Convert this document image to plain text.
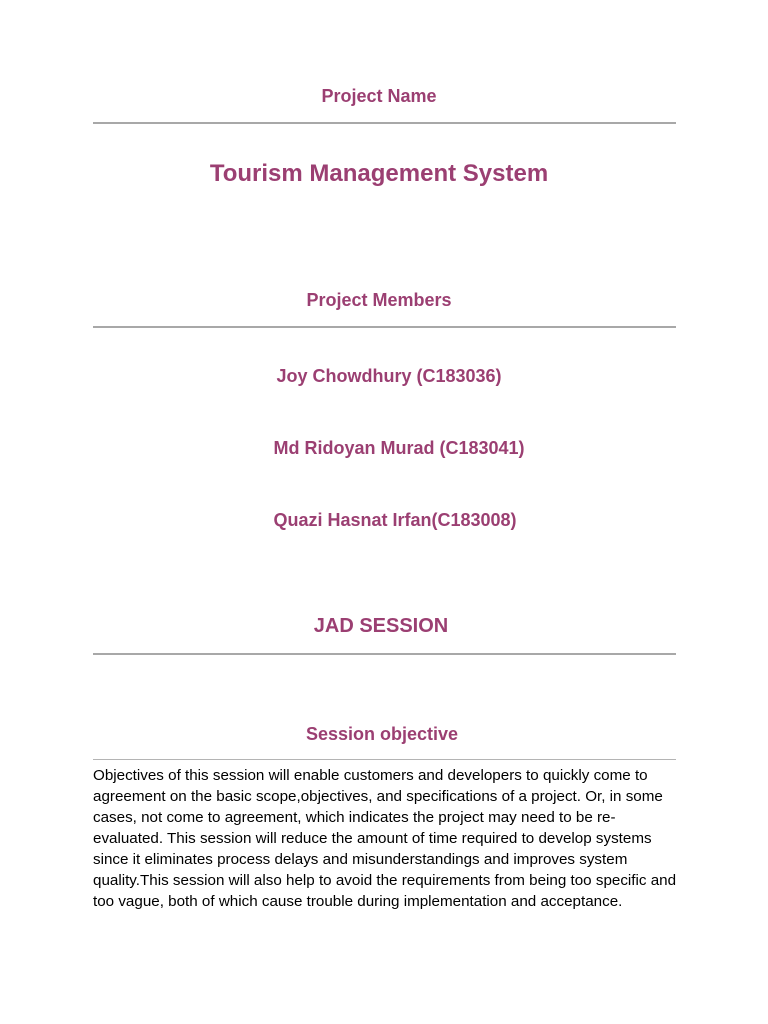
Project Name
Tourism Management System
Project Members
Joy Chowdhury (C183036)
Md Ridoyan Murad (C183041)
Quazi Hasnat Irfan(C183008)
JAD SESSION
Session objective

Objectives of this session will enable customers and developers to quickly come to agreement on the basic scope,objectives, and specifications of a project. Or, in some cases, not come to agreement, which indicates the project may need to be re-evaluated. This session will reduce the amount of time required to develop systems since it eliminates process delays and misunderstandings and improves system quality.This session will also help to avoid the requirements from being too specific and too vague, both of which cause trouble during implementation and acceptance.
